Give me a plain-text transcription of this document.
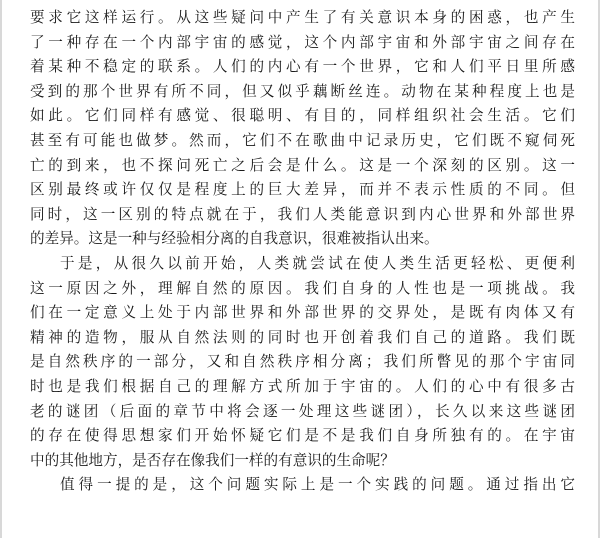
要求它这样运行。从这些疑问中产生了有关意识本身的困惑，也产生
了一种存在一个内部宇宙的感觉，这个内部宇宙和外部宇宙之间存在
着某种不稳定的联系。人们的内心有一个世界，它和人们平日里所感
受到的那个世界有所不同，但又似乎藕断丝连。动物在某种程度上也是
如此。它们同样有感觉、很聪明、有目的，同样组织社会生活。它们
甚至有可能也做梦。然而，它们不在歌曲中记录历史，它们既不窥伺死
亡的到来，也不探问死亡之后会是什么。这是一个深刻的区别。这一
区别最终或许仅仅是程度上的巨大差异，而并不表示性质的不同。但
同时，这一区别的特点就在于，我们人类能意识到内心世界和外部世界
的差异。这是一种与经验相分离的自我意识，很难被指认出来。
于是，从很久以前开始，人类就尝试在使人类生活更轻松、更便利
这一原因之外，理解自然的原因。我们自身的人性也是一项挑战。我
们在一定意义上处于内部世界和外部世界的交界处，是既有肉体又有
精神的造物，服从自然法则的同时也开创着我们自己的道路。我们既
是自然秩序的一部分，又和自然秩序相分离；我们所瞥见的那个宇宙同
时也是我们根据自己的理解方式所加于宇宙的。人们的心中有很多古
老的谜团（后面的章节中将会逐一处理这些谜团），长久以来这些谜团
的存在使得思想家们开始怀疑它们是不是我们自身所独有的。在宇宙
中的其他地方，是否存在像我们一样的有意识的生命呢？
值得一提的是，这个问题实际上是一个实践的问题。通过指出它
